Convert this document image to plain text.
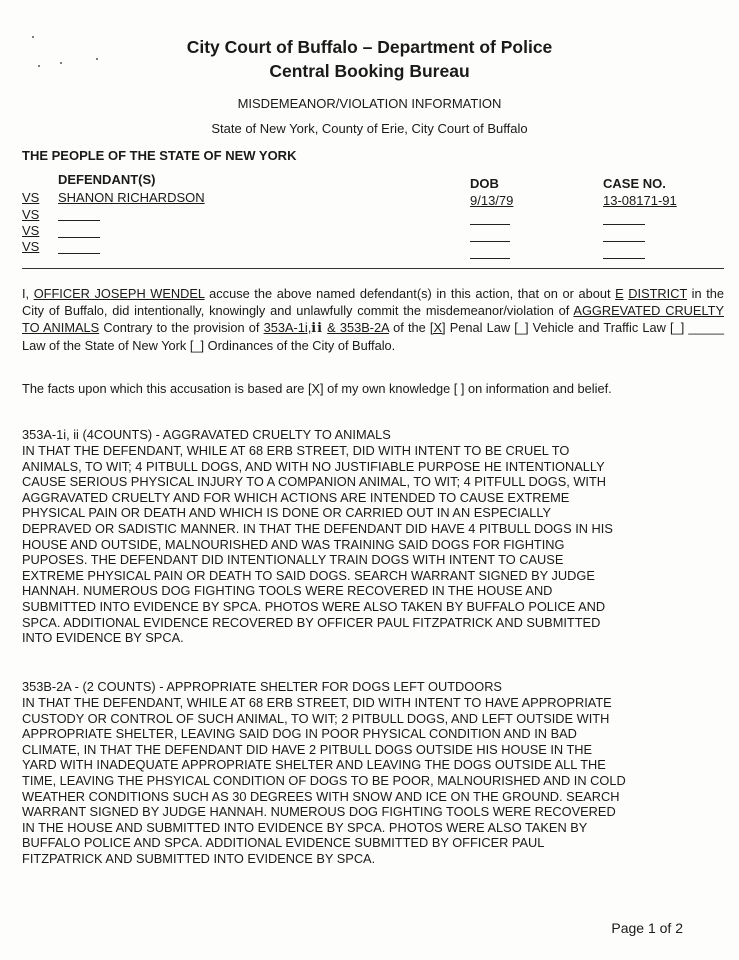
City Court of Buffalo – Department of Police
Central Booking Bureau
MISDEMEANOR/VIOLATION INFORMATION
State of New York, County of Erie, City Court of Buffalo
THE PEOPLE OF THE STATE OF NEW YORK
DEFENDANT(S)	DOB	CASE NO.
VS SHANON RICHARDSON	9/13/79	13-08171-91
VS
VS
VS
I, OFFICER JOSEPH WENDEL accuse the above named defendant(s) in this action, that on or about E DISTRICT in the City of Buffalo, did intentionally, knowingly and unlawfully commit the misdemeanor/violation of AGGREVATED CRUELTY TO ANIMALS Contrary to the provision of 353A-1i,ii & 353B-2A of the [X] Penal Law [_] Vehicle and Traffic Law [_] _____ Law of the State of New York [_] Ordinances of the City of Buffalo.
The facts upon which this accusation is based are [X] of my own knowledge [ ] on information and belief.
353A-1i, ii (4COUNTS) - AGGRAVATED CRUELTY TO ANIMALS
IN THAT THE DEFENDANT, WHILE AT 68 ERB STREET, DID WITH INTENT TO BE CRUEL TO
ANIMALS, TO WIT; 4 PITBULL DOGS, AND WITH NO JUSTIFIABLE PURPOSE HE INTENTIONALLY
CAUSE SERIOUS PHYSICAL INJURY TO A COMPANION ANIMAL, TO WIT; 4 PITFULL DOGS, WITH
AGGRAVATED CRUELTY AND FOR WHICH ACTIONS ARE INTENDED TO CAUSE EXTREME
PHYSICAL PAIN OR DEATH AND WHICH IS DONE OR CARRIED OUT IN AN ESPECIALLY
DEPRAVED OR SADISTIC MANNER. IN THAT THE DEFENDANT DID HAVE 4 PITBULL DOGS IN HIS
HOUSE AND OUTSIDE, MALNOURISHED AND WAS TRAINING SAID DOGS FOR FIGHTING
PUPOSES. THE DEFENDANT DID INTENTIONALLY TRAIN DOGS WITH INTENT TO CAUSE
EXTREME PHYSICAL PAIN OR DEATH TO SAID DOGS. SEARCH WARRANT SIGNED BY JUDGE
HANNAH. NUMEROUS DOG FIGHTING TOOLS WERE RECOVERED IN THE HOUSE AND
SUBMITTED INTO EVIDENCE BY SPCA. PHOTOS WERE ALSO TAKEN BY BUFFALO POLICE AND
SPCA. ADDITIONAL EVIDENCE RECOVERED BY OFFICER PAUL FITZPATRICK AND SUBMITTED
INTO EVIDENCE BY SPCA.
353B-2A - (2 COUNTS) - APPROPRIATE SHELTER FOR DOGS LEFT OUTDOORS
IN THAT THE DEFENDANT, WHILE AT 68 ERB STREET, DID WITH INTENT TO HAVE APPROPRIATE
CUSTODY OR CONTROL OF SUCH ANIMAL, TO WIT; 2 PITBULL DOGS, AND LEFT OUTSIDE WITH
APPROPRIATE SHELTER, LEAVING SAID DOG IN POOR PHYSICAL CONDITION AND IN BAD
CLIMATE, IN THAT THE DEFENDANT DID HAVE 2 PITBULL DOGS OUTSIDE HIS HOUSE IN THE
YARD WITH INADEQUATE APPROPRIATE SHELTER AND LEAVING THE DOGS OUTSIDE ALL THE
TIME, LEAVING THE PHSYICAL CONDITION OF DOGS TO BE POOR, MALNOURISHED AND IN COLD
WEATHER CONDITIONS SUCH AS 30 DEGREES WITH SNOW AND ICE ON THE GROUND. SEARCH
WARRANT SIGNED BY JUDGE HANNAH. NUMEROUS DOG FIGHTING TOOLS WERE RECOVERED
IN THE HOUSE AND SUBMITTED INTO EVIDENCE BY SPCA. PHOTOS WERE ALSO TAKEN BY
BUFFALO POLICE AND SPCA. ADDITIONAL EVIDENCE SUBMITTED BY OFFICER PAUL
FITZPATRICK AND SUBMITTED INTO EVIDENCE BY SPCA.
Page 1 of 2
